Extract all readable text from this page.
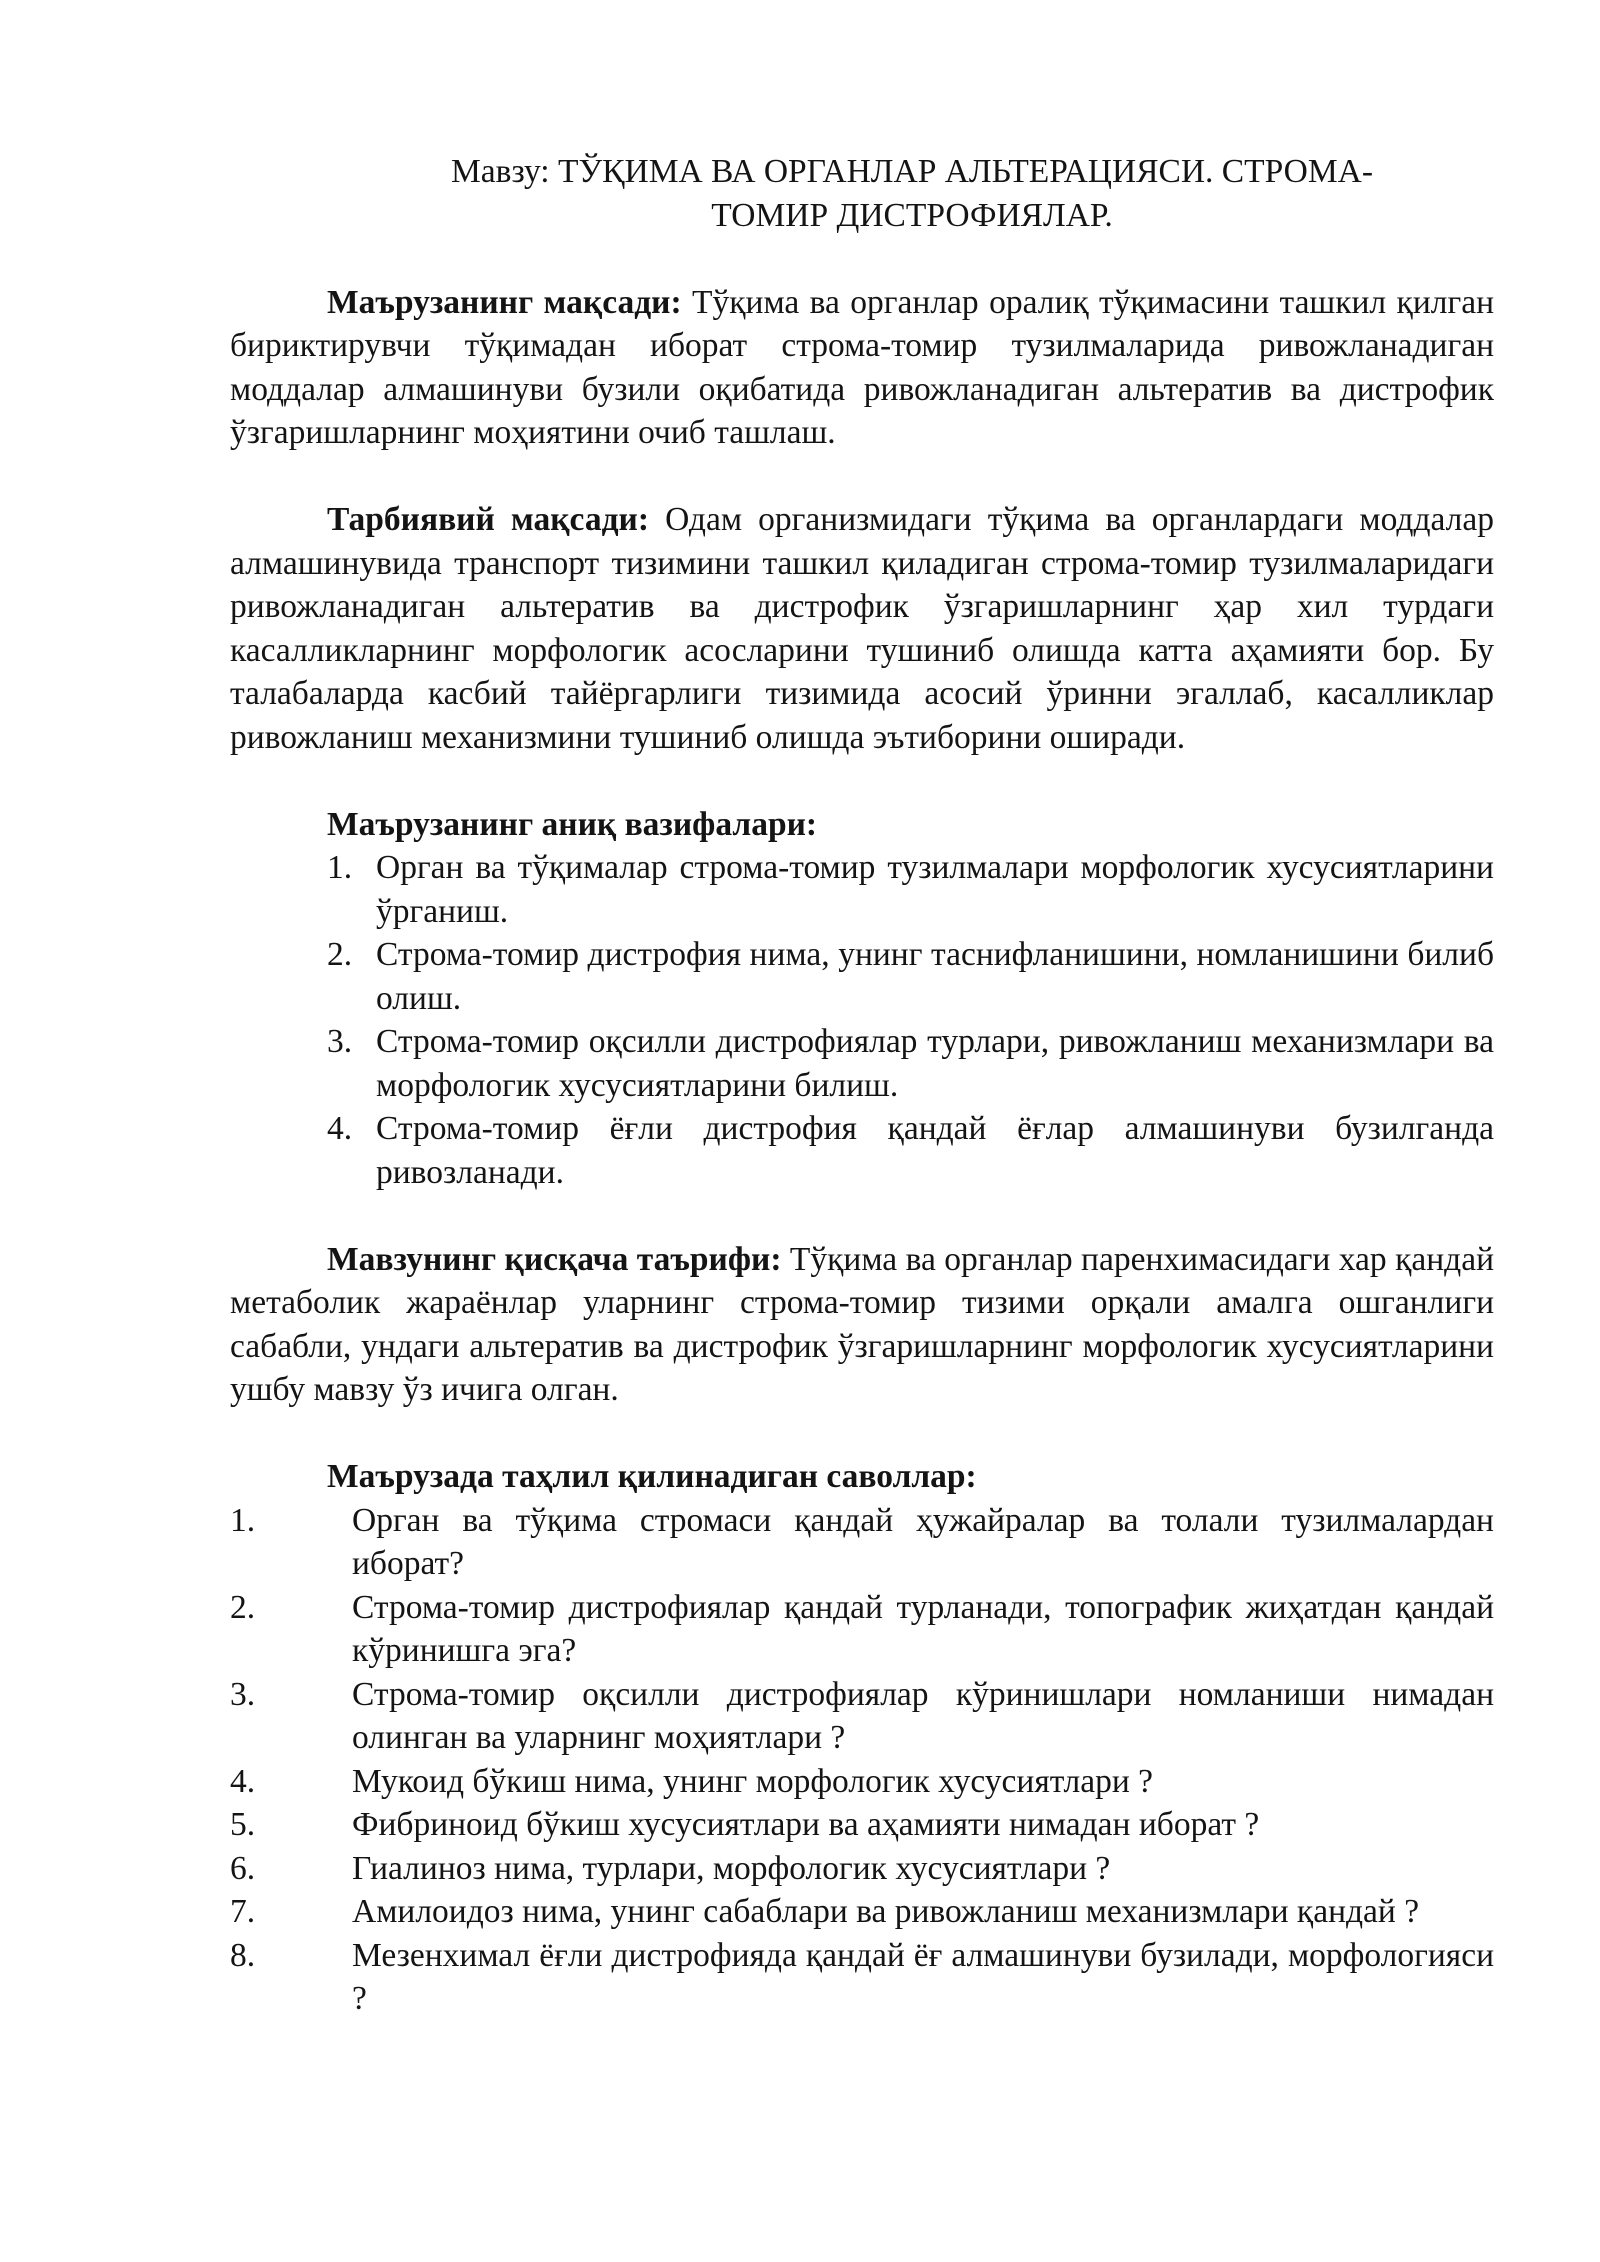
Мавзу: ТЎҚИМА ВА ОРГАНЛАР АЛЬТЕРАЦИЯСИ. СТРОМА-
ТОМИР ДИСТРОФИЯЛАР.

Маърузанинг мақсади: Тўқима ва органлар оралиқ тўқимасини ташкил қилган бириктирувчи тўқимадан иборат строма-томир тузилмаларида ривожланадиган моддалар алмашинуви бузили оқибатида ривожланадиган альтератив ва дистрофик ўзгаришларнинг моҳиятини очиб ташлаш.

Тарбиявий мақсади: Одам организмидаги тўқима ва органлардаги моддалар алмашинувида транспорт тизимини ташкил қиладиган строма-томир тузилмаларидаги ривожланадиган альтератив ва дистрофик ўзгаришларнинг ҳар хил турдаги касалликларнинг морфологик асосларини тушиниб олишда катта аҳамияти бор. Бу талабаларда касбий тайёргарлиги тизимида асосий ўринни эгаллаб, касалликлар ривожланиш механизмини тушиниб олишда эътиборини оширади.

Маърузанинг аниқ вазифалари:

1. Орган ва тўқималар строма-томир тузилмалари морфологик хусусиятларини ўрганиш.
2. Строма-томир дистрофия нима, унинг таснифланишини, номланишини билиб олиш.
3. Строма-томир оқсилли дистрофиялар турлари, ривожланиш механизмлари ва морфологик хусусиятларини билиш.
4. Строма-томир ёғли дистрофия қандай ёғлар алмашинуви бузилганда ривозланади.

Мавзунинг қисқача таърифи: Тўқима ва органлар паренхимасидаги хар қандай метаболик жараёнлар уларнинг строма-томир тизими орқали амалга ошганлиги сабабли, ундаги альтератив ва дистрофик ўзгаришларнинг морфологик хусусиятларини ушбу мавзу ўз ичига олган.

Маърузада таҳлил қилинадиган саволлар:

1.	Орган ва тўқима стромаси қандай ҳужайралар ва толали тузилмалардан иборат?
2.	Строма-томир дистрофиялар қандай турланади, топографик жиҳатдан қандай кўринишга эга?
3.	Строма-томир оқсилли дистрофиялар кўринишлари номланиши нимадан олинган ва уларнинг моҳиятлари ?
4.	Мукоид бўкиш нима, унинг морфологик хусусиятлари ?
5.	Фибриноид бўкиш хусусиятлари ва аҳамияти нимадан иборат ?
6.	Гиалиноз нима, турлари, морфологик хусусиятлари ?
7.	Амилоидоз нима, унинг сабаблари ва ривожланиш механизмлари қандай ?
8.	Мезенхимал ёғли дистрофияда қандай ёғ алмашинуви бузилади, морфологияси ?
